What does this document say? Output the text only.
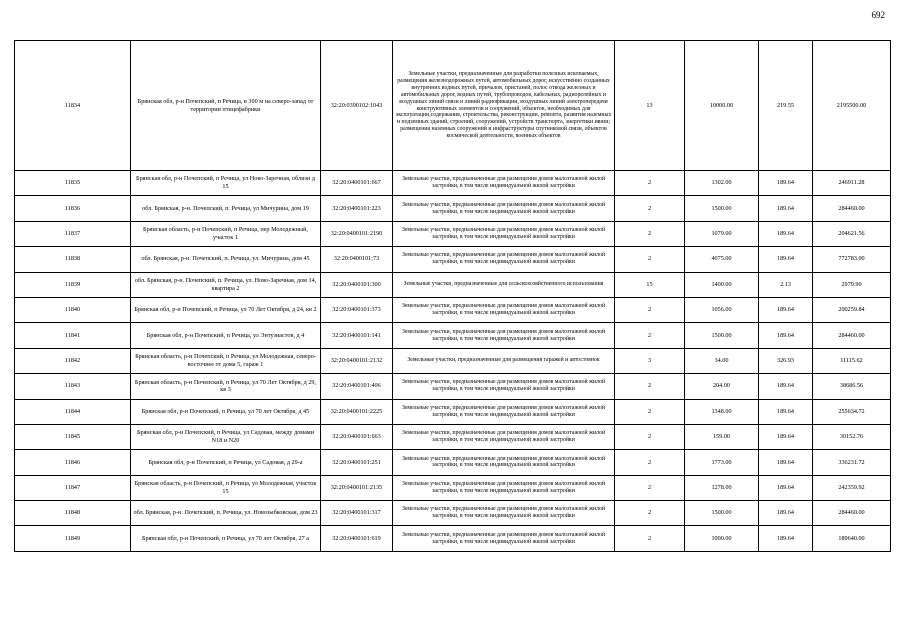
692
11834	Брянская обл, р-н Почепский, п Речица, в 300 м на северо-запад от территории птицефабрики	32:20:0390102:1043	Земельные участки, предназначенные для разработки полезных ископаемых, размещения железнодорожных путей, автомобильных дорог, искусственно созданных внутренних водных путей, причалов, пристаней, полос отвода железных и автомобильных дорог, водных путей, трубопроводов, кабельных, радиорелейных и воздушных линий связи и линий радиофикации, воздушных линий электропередачи конструктивных элементов и сооружений, объектов, необходимых для эксплуатации,содержания, строительства, реконструкции, ремонта, развития наземных и подземных зданий, строений, сооружений, устройств транспорта, энергетики ивязи; размещения наземных сооружений и инфраструктуры спутниковой связи, объектов космической деятельности, военных объектов	13	10000.00	219.55	2195500.00
11835	Брянская обл, р-н Почепский, п Речица, ул Ново-Заречная, облизи д 15	32:20:0400101:667	Земельные участки, предназначенные для размещения домов малоэтажной жилой застройки, в том числе индивидуальной жилой застройки	2	1302.00	189.64	246911.28
11836	обл. Брянская, р-н. Почепский, п. Речица, ул Мичурина, дом 19	32:20:0400101:223	Земельные участки, предназначенные для размещения домов малоэтажной жилой застройки, в том числе индивидуальной жилой застройки	2	1500.00	189.64	284460.00
11837	Брянская область, р-н Почепский, п Речица, пер Молодежный, участок 1	32:20:0400101:2190	Земельные участки, предназначенные для размещения домов малоэтажной жилой застройки, в том числе индивидуальной жилой застройки	2	1079.00	189.64	204621.56
11838	обл. Брянская, р-н. Почепский, п. Речица, ул. Мичурина, дом 45	32:20:0400101:73	Земельные участки, предназначенные для размещения домов малоэтажной жилой застройки, в том числе индивидуальной жилой застройки	2	4075.00	189.64	772783.00
11839	обл. Брянская, р-н. Почепский, п. Речица, ул. Ново-Заречная, дом 14, квартира 2	32:20:0400101:300	Земельные участки, предназначенные для сельскохозяйственного использования	15	1400.00	2.13	2979.90
11840	Брянская обл, р-н Почепский, п Речица, ул 70 Лет Октября, д 24, кв 2	32:20:0400101:373	Земельные участки, предназначенные для размещения домов малоэтажной жилой застройки, в том числе индивидуальной жилой застройки	2	1056.00	189.64	200259.84
11841	Брянская обл, р-н Почепский, п Речица, ул Энтузиастов, д 4	32:20:0400101:141	Земельные участки, предназначенные для размещения домов малоэтажной жилой застройки, в том числе индивидуальной жилой застройки	2	1500.00	189.64	284460.00
11842	Брянская область, р-н Почепский, п Речица, ул Молодежная, северо-восточнее от дома 5, гараж 1	32:20:0400101:2132	Земельные участки, предназначенные для размещения гаражей и автостоянок	3	34.00	326.93	11115.62
11843	Брянская область, р-н Почепский, п Речица, ул 70 Лет Октября, д 29, кв 3	32:20:0400101:406	Земельные участки, предназначенные для размещения домов малоэтажной жилой застройки, в том числе индивидуальной жилой застройки	2	204.00	189.64	38686.56
11844	Брянская обл, р-н Почепский, п Речица, ул 70 лет Октября, д 45	32:20:0400101:2225	Земельные участки, предназначенные для размещения домов малоэтажной жилой застройки, в том числе индивидуальной жилой застройки	2	1348.00	189.64	255634.72
11845	Брянская обл, р-н Почепский, п Речица, ул Садовая, между домами N18 и N20	32:20:0400101:663	Земельные участки, предназначенные для размещения домов малоэтажной жилой застройки, в том числе индивидуальной жилой застройки	2	159.00	189.64	30152.76
11846	Брянская обл, р-н Почепский, п Речица, ул Садовая, д 29-а	32:20:0400101:251	Земельные участки, предназначенные для размещения домов малоэтажной жилой застройки, в том числе индивидуальной жилой застройки	2	1773.00	189.64	336231.72
11847	Брянская область, р-н Почепский, п Речица, ул Молодежная, участок 15	32:20:0400101:2135	Земельные участки, предназначенные для размещения домов малоэтажной жилой застройки, в том числе индивидуальной жилой застройки	2	1278.00	189.64	242359.92
11848	обл. Брянская, р-н. Почепский, п. Речица, ул. Новозыбковская, дом 23	32:20:0400101:317	Земельные участки, предназначенные для размещения домов малоэтажной жилой застройки, в том числе индивидуальной жилой застройки	2	1500.00	189.64	284460.00
11849	Брянская обл, р-н Почепский, п Речица, ул 70 лет Октября, 27 а	32:20:0400101:619	Земельные участки, предназначенные для размещения домов малоэтажной жилой застройки, в том числе индивидуальной жилой застройки	2	1000.00	189.64	189640.00
